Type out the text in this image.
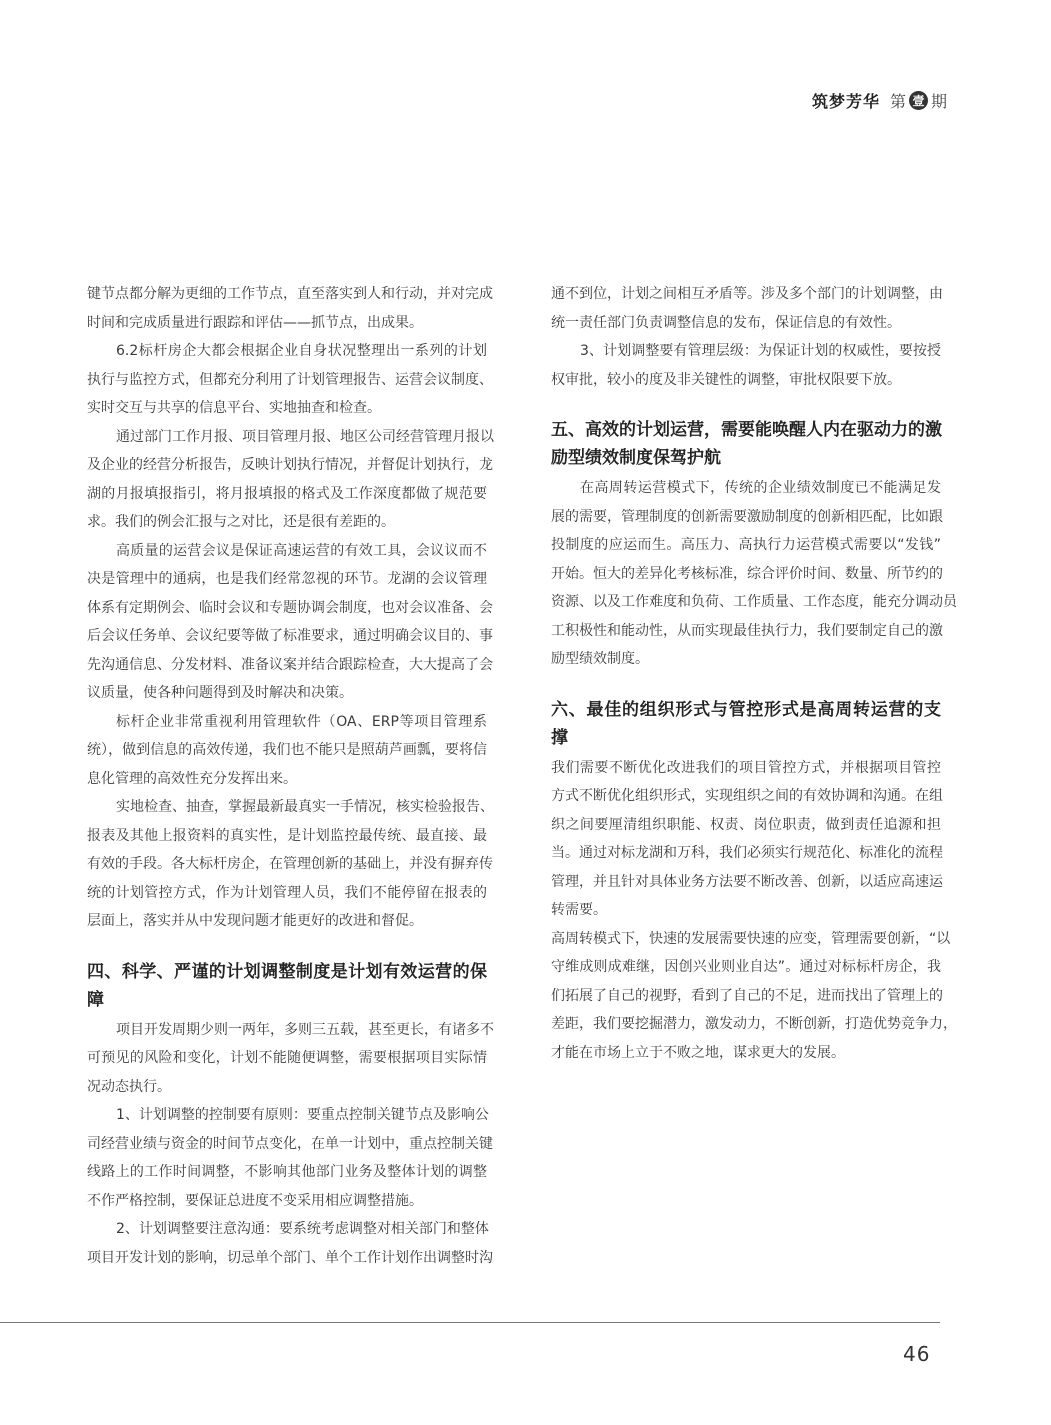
筑梦芳华 第 壹 期
键节点都分解为更细的工作节点，直至落实到人和行动，并对完成
时间和完成质量进行跟踪和评估——抓节点，出成果。
6.2标杆房企大都会根据企业自身状况整理出一系列的计划
执行与监控方式，但都充分利用了计划管理报告、运营会议制度、
实时交互与共享的信息平台、实地抽查和检查。
通过部门工作月报、项目管理月报、地区公司经营管理月报以
及企业的经营分析报告，反映计划执行情况，并督促计划执行，龙
湖的月报填报指引，将月报填报的格式及工作深度都做了规范要
求。我们的例会汇报与之对比，还是很有差距的。
高质量的运营会议是保证高速运营的有效工具，会议议而不
决是管理中的通病，也是我们经常忽视的环节。龙湖的会议管理
体系有定期例会、临时会议和专题协调会制度，也对会议准备、会
后会议任务单、会议纪要等做了标准要求，通过明确会议目的、事
先沟通信息、分发材料、准备议案并结合跟踪检查，大大提高了会
议质量，使各种问题得到及时解决和决策。
标杆企业非常重视利用管理软件（OA、ERP等项目管理系
统），做到信息的高效传递，我们也不能只是照葫芦画瓢，要将信
息化管理的高效性充分发挥出来。
实地检查、抽查，掌握最新最真实一手情况，核实检验报告、
报表及其他上报资料的真实性，是计划监控最传统、最直接、最
有效的手段。各大标杆房企，在管理创新的基础上，并没有摒弃传
统的计划管控方式，作为计划管理人员，我们不能停留在报表的
层面上，落实并从中发现问题才能更好的改进和督促。
四、科学、严谨的计划调整制度是计划有效运营的保
障
项目开发周期少则一两年，多则三五载，甚至更长，有诸多不
可预见的风险和变化，计划不能随便调整，需要根据项目实际情
况动态执行。
1、计划调整的控制要有原则：要重点控制关键节点及影响公
司经营业绩与资金的时间节点变化，在单一计划中，重点控制关键
线路上的工作时间调整，不影响其他部门业务及整体计划的调整
不作严格控制，要保证总进度不变采用相应调整措施。
2、计划调整要注意沟通：要系统考虑调整对相关部门和整体
项目开发计划的影响，切忌单个部门、单个工作计划作出调整时沟
通不到位，计划之间相互矛盾等。涉及多个部门的计划调整，由
统一责任部门负责调整信息的发布，保证信息的有效性。
3、计划调整要有管理层级：为保证计划的权威性，要按授
权审批，较小的度及非关键性的调整，审批权限要下放。
五、高效的计划运营，需要能唤醒人内在驱动力的激
励型绩效制度保驾护航
在高周转运营模式下，传统的企业绩效制度已不能满足发
展的需要，管理制度的创新需要激励制度的创新相匹配，比如跟
投制度的应运而生。高压力、高执行力运营模式需要以“发钱”
开始。恒大的差异化考核标准，综合评价时间、数量、所节约的
资源、以及工作难度和负荷、工作质量、工作态度，能充分调动员
工积极性和能动性，从而实现最佳执行力，我们要制定自己的激
励型绩效制度。
六、最佳的组织形式与管控形式是高周转运营的支
撑
我们需要不断优化改进我们的项目管控方式，并根据项目管控
方式不断优化组织形式，实现组织之间的有效协调和沟通。在组
织之间要厘清组织职能、权责、岗位职责，做到责任追源和担
当。通过对标龙湖和万科，我们必须实行规范化、标准化的流程
管理，并且针对具体业务方法要不断改善、创新，以适应高速运
转需要。
高周转模式下，快速的发展需要快速的应变，管理需要创新，“以
守维成则成难继，因创兴业则业自达”。通过对标标杆房企，我
们拓展了自己的视野，看到了自己的不足，进而找出了管理上的
差距，我们要挖掘潜力，激发动力，不断创新，打造优势竞争力，
才能在市场上立于不败之地，谋求更大的发展。
46
